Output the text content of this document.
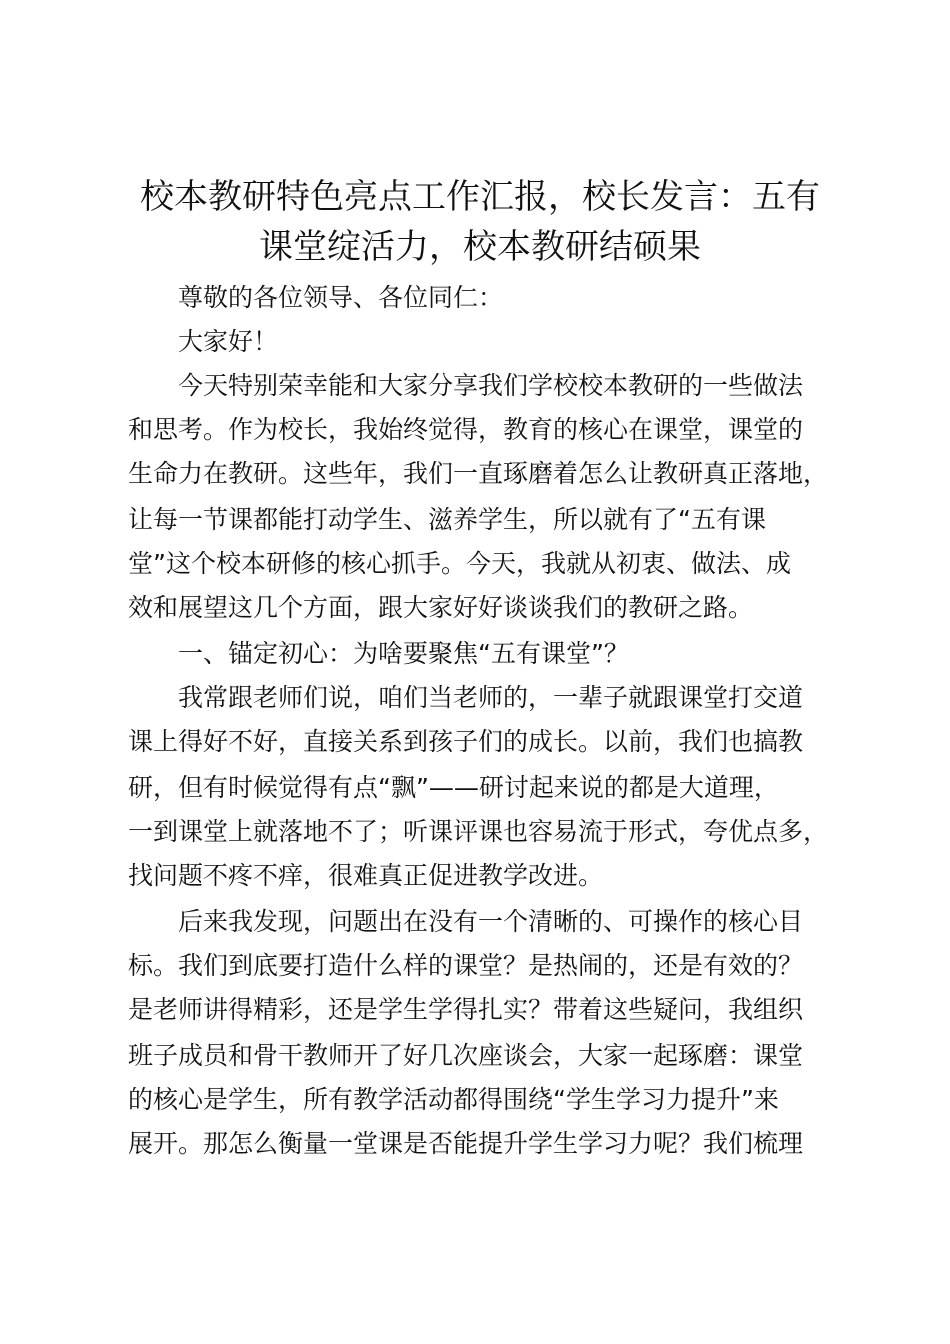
校本教研特色亮点工作汇报，校长发言：五有
课堂绽活力，校本教研结硕果

尊敬的各位领导、各位同仁：

大家好！

今天特别荣幸能和大家分享我们学校校本教研的一些做法

和思考。作为校长，我始终觉得，教育的核心在课堂，课堂的

生命力在教研。这些年，我们一直琢磨着怎么让教研真正落地，

让每一节课都能打动学生、滋养学生，所以就有了“五有课

堂”这个校本研修的核心抓手。今天，我就从初衷、做法、成

效和展望这几个方面，跟大家好好谈谈我们的教研之路。

一、锚定初心：为啥要聚焦“五有课堂”？

我常跟老师们说，咱们当老师的，一辈子就跟课堂打交道

课上得好不好，直接关系到孩子们的成长。以前，我们也搞教

研，但有时候觉得有点“飘”——研讨起来说的都是大道理，

一到课堂上就落地不了；听课评课也容易流于形式，夸优点多，

找问题不疼不痒，很难真正促进教学改进。

后来我发现，问题出在没有一个清晰的、可操作的核心目

标。我们到底要打造什么样的课堂？是热闹的，还是有效的？

是老师讲得精彩，还是学生学得扎实？带着这些疑问，我组织

班子成员和骨干教师开了好几次座谈会，大家一起琢磨：课堂

的核心是学生，所有教学活动都得围绕“学生学习力提升”来

展开。那怎么衡量一堂课是否能提升学生学习力呢？我们梳理
